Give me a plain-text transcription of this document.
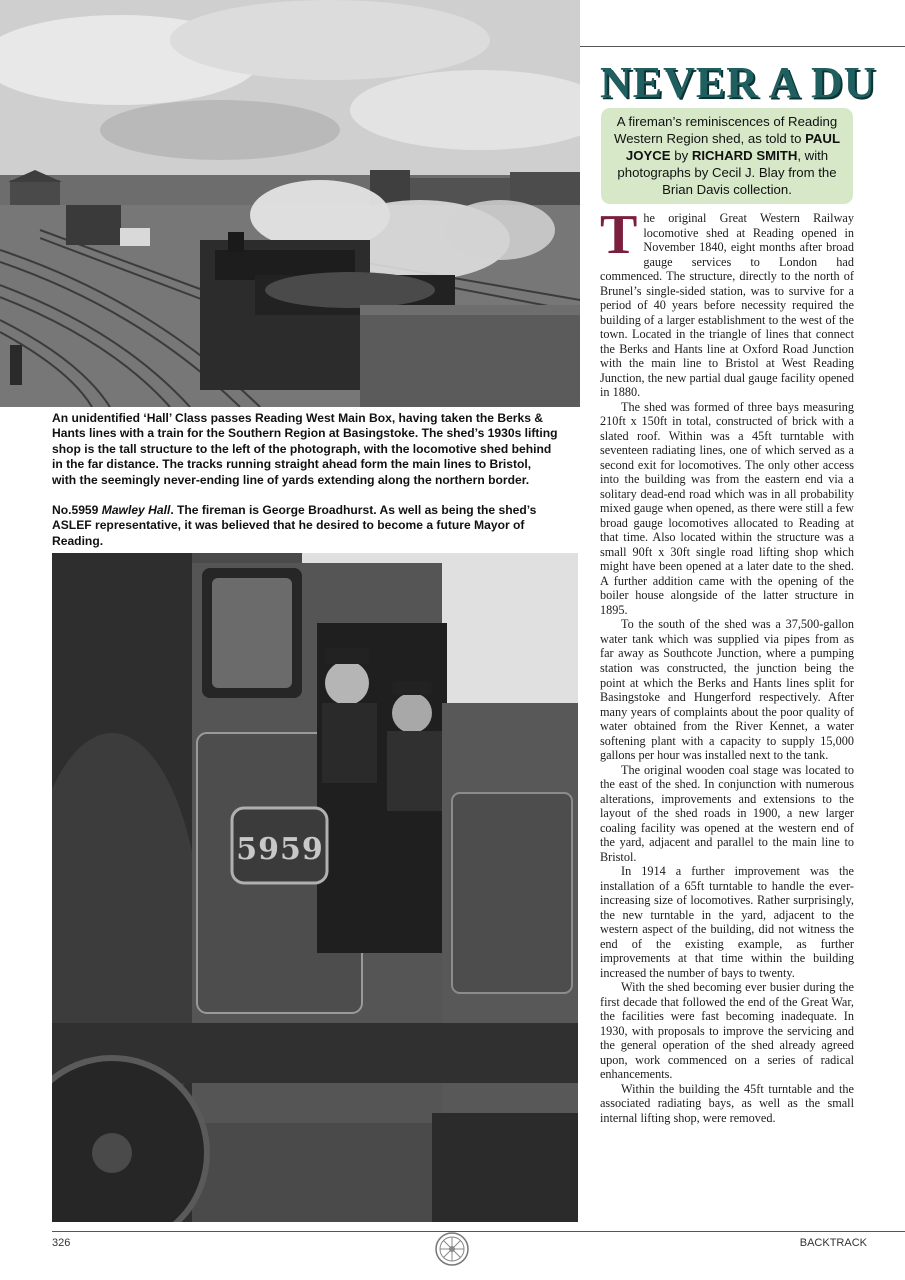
An unidentified ‘Hall’ Class passes Reading West Main Box, having taken the Berks & Hants lines with a train for the Southern Region at Basingstoke. The shed’s 1930s lifting shop is the tall structure to the left of the photograph, with the locomotive shed behind in the far distance. The tracks running straight ahead form the main lines to Bristol, with the seemingly never-ending line of yards extending along the northern border.
No.5959 Mawley Hall. The fireman is George Broadhurst. As well as being the shed’s ASLEF representative, it was believed that he desired to become a future Mayor of Reading.
5959
NEVER A DU
A fireman’s reminiscences of Reading Western Region shed, as told to PAUL JOYCE by RICHARD SMITH, with photographs by Cecil J. Blay from the Brian Davis collection.

The original Great Western Railway locomotive shed at Reading opened in November 1840, eight months after broad gauge services to London had commenced. The structure, directly to the north of Brunel’s single-sided station, was to survive for a period of 40 years before necessity required the building of a larger establishment to the west of the town. Located in the triangle of lines that connect the Berks and Hants line at Oxford Road Junction with the main line to Bristol at West Reading Junction, the new partial dual gauge facility opened in 1880.

The shed was formed of three bays measuring 210ft x 150ft in total, constructed of brick with a slated roof. Within was a 45ft turntable with seventeen radiating lines, one of which served as a second exit for locomotives. The only other access into the building was from the eastern end via a solitary dead-end road which was in all probability mixed gauge when opened, as there were still a few broad gauge locomotives allocated to Reading at that time. Also located within the structure was a small 90ft x 30ft single road lifting shop which might have been opened at a later date to the shed. A further addition came with the opening of the boiler house alongside of the latter structure in 1895.

To the south of the shed was a 37,500-gallon water tank which was supplied via pipes from as far away as Southcote Junction, where a pumping station was constructed, the junction being the point at which the Berks and Hants lines split for Basingstoke and Hungerford respectively. After many years of complaints about the poor quality of water obtained from the River Kennet, a water softening plant with a capacity to supply 15,000 gallons per hour was installed next to the tank.

The original wooden coal stage was located to the east of the shed. In conjunction with numerous alterations, improvements and extensions to the layout of the shed roads in 1900, a new larger coaling facility was opened at the western end of the yard, adjacent and parallel to the main line to Bristol.

In 1914 a further improvement was the installation of a 65ft turntable to handle the ever-increasing size of locomotives. Rather surprisingly, the new turntable in the yard, adjacent to the western aspect of the building, did not witness the end of the existing example, as further improvements at that time within the building increased the number of bays to twenty.

With the shed becoming ever busier during the first decade that followed the end of the Great War, the facilities were fast becoming inadequate. In 1930, with proposals to improve the servicing and the general operation of the shed already agreed upon, work commenced on a series of radical enhancements.

Within the building the 45ft turntable and the associated radiating bays, as well as the small internal lifting shop, were removed.

326	BACKTRACK
